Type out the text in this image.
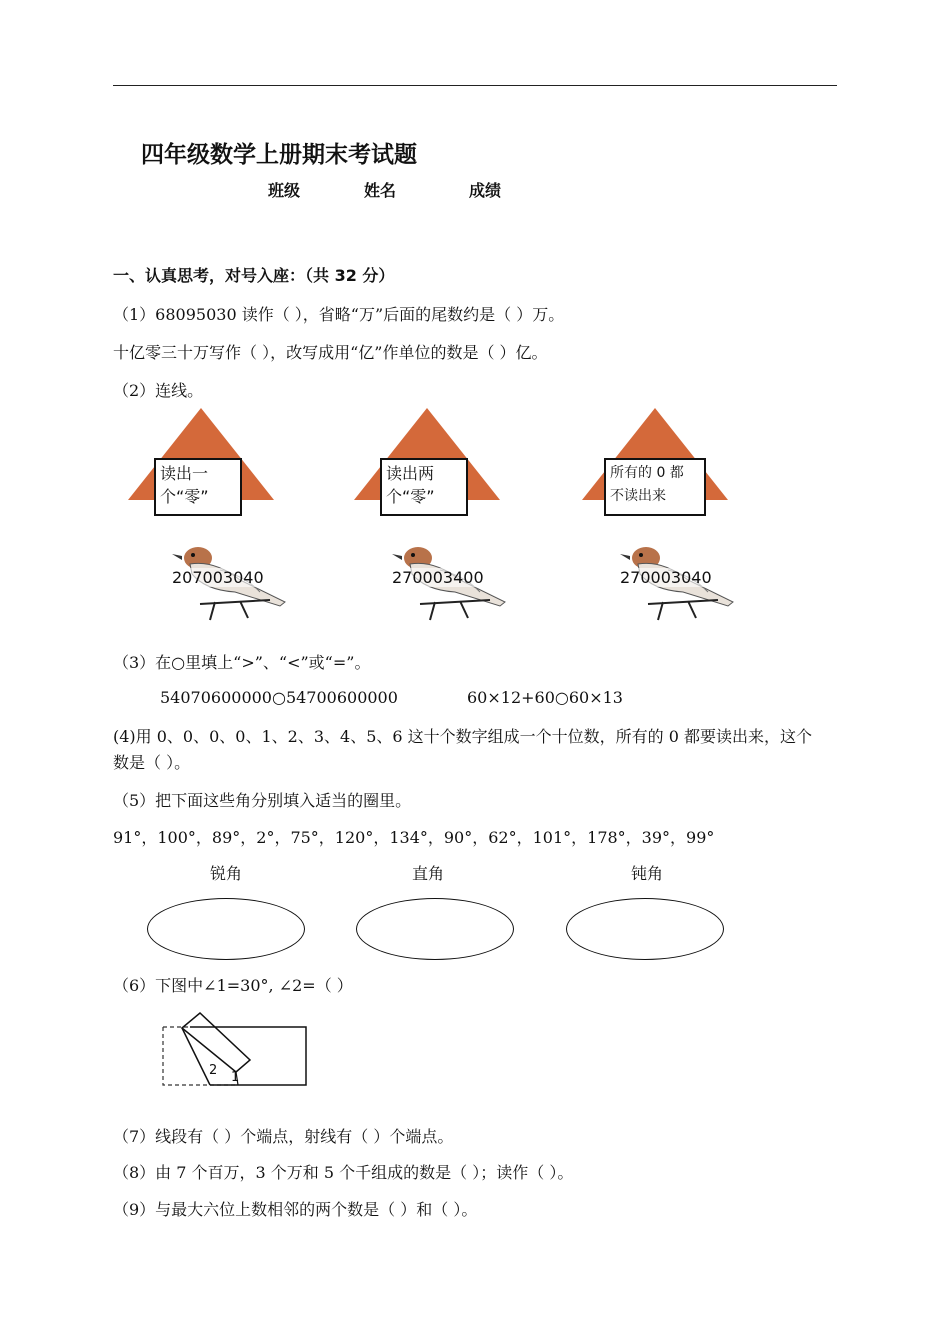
四年级数学上册期末考试题
班级	姓名	成绩
一、认真思考，对号入座：（共 32 分）
（1）68095030 读作（ ），省略“万”后面的尾数约是（ ）万。
十亿零三十万写作（ ），改写成用“亿”作单位的数是（ ）亿。
（2）连线。
读出一
个“零”
读出两
个“零”
所有的 0 都
不读出来
207003040	270003400	270003040
（3）在○里填上“>”、“<”或“=”。
54070600000○54700600000	60×12+60○60×13
(4)用 0、0、0、0、1、2、3、4、5、6 这十个数字组成一个十位数，所有的 0 都要读出来，这个
数是（ ）。
（5）把下面这些角分别填入适当的圈里。
91°，100°，89°，2°，75°，120°，134°，90°，62°，101°，178°，39°，99°
锐角	直角	钝角
（6）下图中∠1=30°, ∠2=（ ）
2 1
（7）线段有（ ）个端点，射线有（ ）个端点。
（8）由 7 个百万，3 个万和 5 个千组成的数是（ ）；读作（ ）。
（9）与最大六位上数相邻的两个数是（ ）和（ ）。
